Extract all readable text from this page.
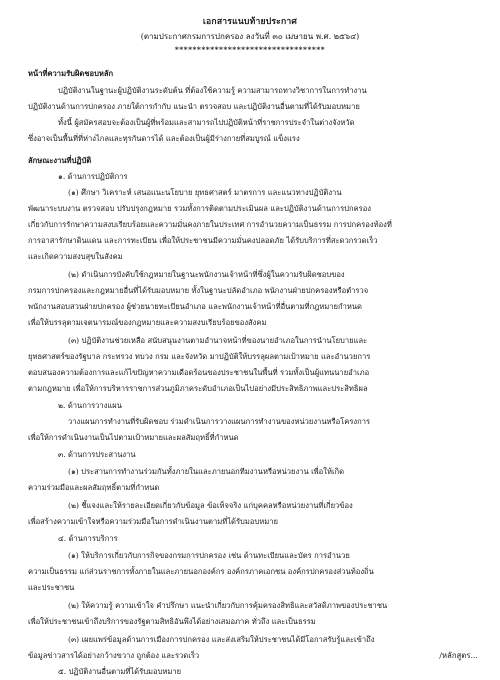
เอกสารแนบท้ายประกาศ
(ตามประกาศกรมการปกครอง ลงวันที่ ๓๐ เมษายน พ.ศ. ๒๕๖๔)
**********************************
หน้าที่ความรับผิดชอบหลัก
ปฏิบัติงานในฐานะผู้ปฏิบัติงานระดับต้น ที่ต้องใช้ความรู้ ความสามารถทางวิชาการในการทำงาน
ปฏิบัติงานด้านการปกครอง ภายใต้การกำกับ แนะนำ ตรวจสอบ และปฏิบัติงานอื่นตามที่ได้รับมอบหมาย
ทั้งนี้ ผู้สมัครสอบจะต้องเป็นผู้ที่พร้อมและสามารถไปปฏิบัติหน้าที่ราชการประจำในต่างจังหวัด
ซึ่งอาจเป็นพื้นที่ที่ห่างไกลและทุรกันดารได้ และต้องเป็นผู้มีร่างกายที่สมบูรณ์ แข็งแรง
ลักษณะงานที่ปฏิบัติ
๑. ด้านการปฏิบัติการ
(๑) ศึกษา วิเคราะห์ เสนอแนะนโยบาย ยุทธศาสตร์ มาตรการ และแนวทางปฏิบัติงาน
พัฒนาระบบงาน ตรวจสอบ ปรับปรุงกฎหมาย รวมทั้งการติดตามประเมินผล และปฏิบัติงานด้านการปกครอง
เกี่ยวกับการรักษาความสงบเรียบร้อยและความมั่นคงภายในประเทศ การอำนวยความเป็นธรรม การปกครองท้องที่
การอาสารักษาดินแดน และการทะเบียน เพื่อให้ประชาชนมีความมั่นคงปลอดภัย ได้รับบริการที่สะดวกรวดเร็ว
และเกิดความสงบสุขในสังคม
(๒) ดำเนินการบังคับใช้กฎหมายในฐานะพนักงานเจ้าหน้าที่ซึ่งผู้ในความรับผิดชอบของ
กรมการปกครองและกฎหมายอื่นที่ได้รับมอบหมาย ทั้งในฐานะปลัดอำเภอ พนักงานฝ่ายปกครองหรือตำรวจ
พนักงานสอบสวนฝ่ายปกครอง ผู้ช่วยนายทะเบียนอำเภอ และพนักงานเจ้าหน้าที่อื่นตามที่กฎหมายกำหนด
เพื่อให้บรรลุตามเจตนารมณ์ของกฎหมายและความสงบเรียบร้อยของสังคม
(๓) ปฏิบัติงานช่วยเหลือ สนับสนุนงานตามอำนาจหน้าที่ของนายอำเภอในการนำนโยบายและ
ยุทธศาสตร์ของรัฐบาล กระทรวง ทบวง กรม และจังหวัด มาปฏิบัติให้บรรลุผลตามเป้าหมาย และอำนวยการ
ตอบสนองความต้องการและแก้ไขปัญหาความเดือดร้อนของประชาชนในพื้นที่ รวมทั้งเป็นผู้แทนนายอำเภอ
ตามกฎหมาย เพื่อให้การบริหารราชการส่วนภูมิภาคระดับอำเภอเป็นไปอย่างมีประสิทธิภาพและประสิทธิผล
๒. ด้านการวางแผน
วางแผนการทำงานที่รับผิดชอบ ร่วมดำเนินการวางแผนการทำงานของหน่วยงานหรือโครงการ
เพื่อให้การดำเนินงานเป็นไปตามเป้าหมายและผลสัมฤทธิ์ที่กำหนด
๓. ด้านการประสานงาน
(๑) ประสานการทำงานร่วมกันทั้งภายในและภายนอกทีมงานหรือหน่วยงาน เพื่อให้เกิด
ความร่วมมือและผลสัมฤทธิ์ตามที่กำหนด
(๒) ชี้แจงและให้รายละเอียดเกี่ยวกับข้อมูล ข้อเท็จจริง แก่บุคคลหรือหน่วยงานที่เกี่ยวข้อง
เพื่อสร้างความเข้าใจหรือความร่วมมือในการดำเนินงานตามที่ได้รับมอบหมาย
๔. ด้านการบริการ
(๑) ให้บริการเกี่ยวกับการกิจของกรมการปกครอง เช่น ด้านทะเบียนและบัตร การอำนวย
ความเป็นธรรม แก่ส่วนราชการทั้งภายในและภายนอกองค์กร องค์กรภาคเอกชน องค์กรปกครองส่วนท้องถิ่น
และประชาชน
(๒) ให้ความรู้ ความเข้าใจ คำปรึกษา แนะนำเกี่ยวกับการคุ้มครองสิทธิและสวัสดิภาพของประชาชน
เพื่อให้ประชาชนเข้าถึงบริการของรัฐตามสิทธิอันพึงได้อย่างเสมอภาค ทั่วถึง และเป็นธรรม
(๓) เผยแพร่ข้อมูลด้านการเมืองการปกครอง และส่งเสริมให้ประชาชนได้มีโอกาสรับรู้และเข้าถึง
ข้อมูลข่าวสารได้อย่างกว้างขวาง ถูกต้อง และรวดเร็ว
๕. ปฏิบัติงานอื่นตามที่ได้รับมอบหมาย
/หลักสูตร...
